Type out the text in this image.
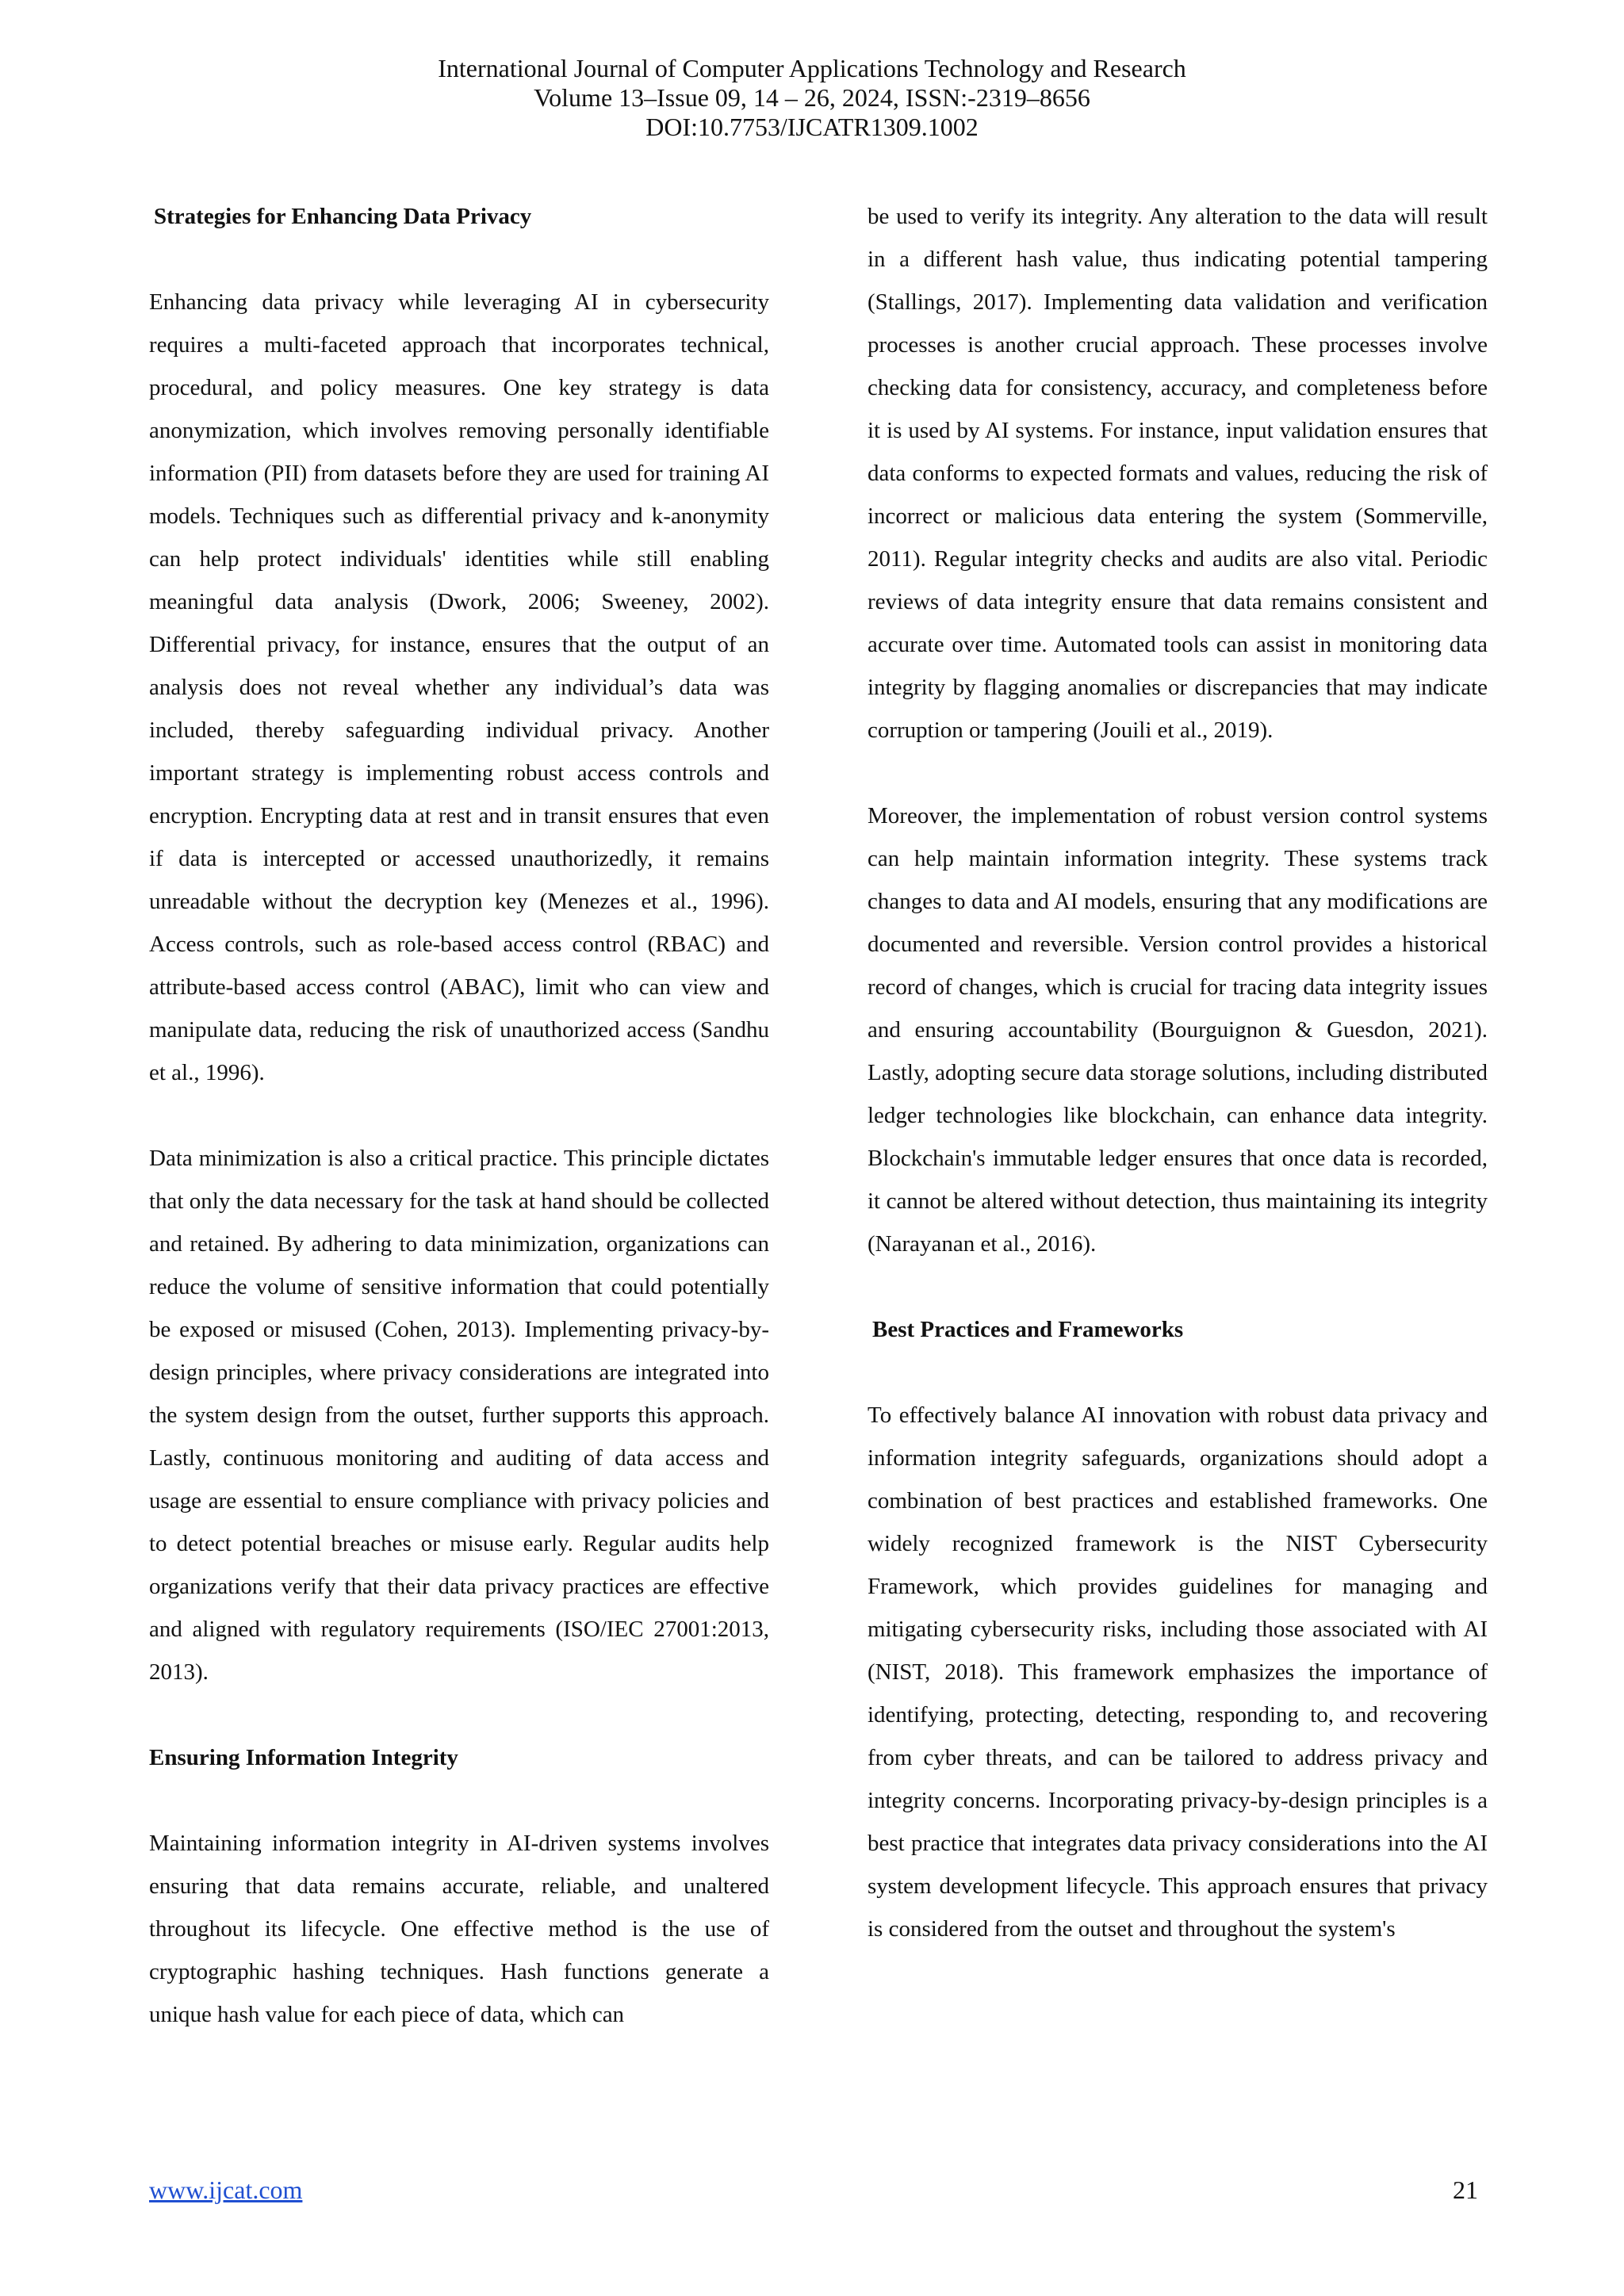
International Journal of Computer Applications Technology and Research
Volume 13–Issue 09, 14 – 26, 2024, ISSN:-2319–8656
DOI:10.7753/IJCATR1309.1002
Strategies for Enhancing Data Privacy

Enhancing data privacy while leveraging AI in cybersecurity requires a multi-faceted approach that incorporates technical, procedural, and policy measures. One key strategy is data anonymization, which involves removing personally identifiable information (PII) from datasets before they are used for training AI models. Techniques such as differential privacy and k-anonymity can help protect individuals' identities while still enabling meaningful data analysis (Dwork, 2006; Sweeney, 2002). Differential privacy, for instance, ensures that the output of an analysis does not reveal whether any individual’s data was included, thereby safeguarding individual privacy. Another important strategy is implementing robust access controls and encryption. Encrypting data at rest and in transit ensures that even if data is intercepted or accessed unauthorizedly, it remains unreadable without the decryption key (Menezes et al., 1996). Access controls, such as role-based access control (RBAC) and attribute-based access control (ABAC), limit who can view and manipulate data, reducing the risk of unauthorized access (Sandhu et al., 1996).

Data minimization is also a critical practice. This principle dictates that only the data necessary for the task at hand should be collected and retained. By adhering to data minimization, organizations can reduce the volume of sensitive information that could potentially be exposed or misused (Cohen, 2013). Implementing privacy-by-design principles, where privacy considerations are integrated into the system design from the outset, further supports this approach. Lastly, continuous monitoring and auditing of data access and usage are essential to ensure compliance with privacy policies and to detect potential breaches or misuse early. Regular audits help organizations verify that their data privacy practices are effective and aligned with regulatory requirements (ISO/IEC 27001:2013, 2013).

Ensuring Information Integrity

Maintaining information integrity in AI-driven systems involves ensuring that data remains accurate, reliable, and unaltered throughout its lifecycle. One effective method is the use of cryptographic hashing techniques. Hash functions generate a unique hash value for each piece of data, which can

be used to verify its integrity. Any alteration to the data will result in a different hash value, thus indicating potential tampering (Stallings, 2017). Implementing data validation and verification processes is another crucial approach. These processes involve checking data for consistency, accuracy, and completeness before it is used by AI systems. For instance, input validation ensures that data conforms to expected formats and values, reducing the risk of incorrect or malicious data entering the system (Sommerville, 2011). Regular integrity checks and audits are also vital. Periodic reviews of data integrity ensure that data remains consistent and accurate over time. Automated tools can assist in monitoring data integrity by flagging anomalies or discrepancies that may indicate corruption or tampering (Jouili et al., 2019).

Moreover, the implementation of robust version control systems can help maintain information integrity. These systems track changes to data and AI models, ensuring that any modifications are documented and reversible. Version control provides a historical record of changes, which is crucial for tracing data integrity issues and ensuring accountability (Bourguignon & Guesdon, 2021). Lastly, adopting secure data storage solutions, including distributed ledger technologies like blockchain, can enhance data integrity. Blockchain's immutable ledger ensures that once data is recorded, it cannot be altered without detection, thus maintaining its integrity (Narayanan et al., 2016).

Best Practices and Frameworks

To effectively balance AI innovation with robust data privacy and information integrity safeguards, organizations should adopt a combination of best practices and established frameworks. One widely recognized framework is the NIST Cybersecurity Framework, which provides guidelines for managing and mitigating cybersecurity risks, including those associated with AI (NIST, 2018). This framework emphasizes the importance of identifying, protecting, detecting, responding to, and recovering from cyber threats, and can be tailored to address privacy and integrity concerns. Incorporating privacy-by-design principles is a best practice that integrates data privacy considerations into the AI system development lifecycle. This approach ensures that privacy is considered from the outset and throughout the system's

www.ijcat.com	21
